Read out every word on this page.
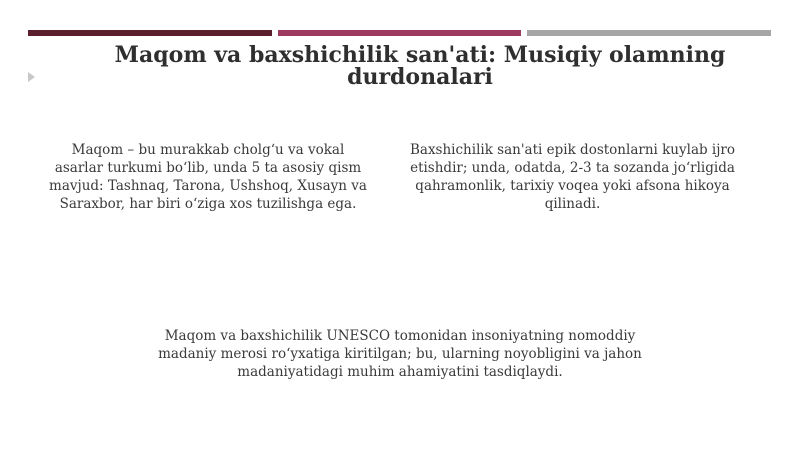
Maqom va baxshichilik san'ati: Musiqiy olamning durdonalari
Maqom – bu murakkab cholg‘u va vokal asarlar turkumi bo‘lib, unda 5 ta asosiy qism mavjud: Tashnaq, Tarona, Ushshoq, Xusayn va Saraxbor, har biri o‘ziga xos tuzilishga ega.
Baxshichilik san'ati epik dostonlarni kuylab ijro etishdir; unda, odatda, 2-3 ta sozanda jo‘rligida qahramonlik, tarixiy voqea yoki afsona hikoya qilinadi.
Maqom va baxshichilik UNESCO tomonidan insoniyatning nomoddiy madaniy merosi ro‘yxatiga kiritilgan; bu, ularning noyobligini va jahon madaniyatidagi muhim ahamiyatini tasdiqlaydi.
